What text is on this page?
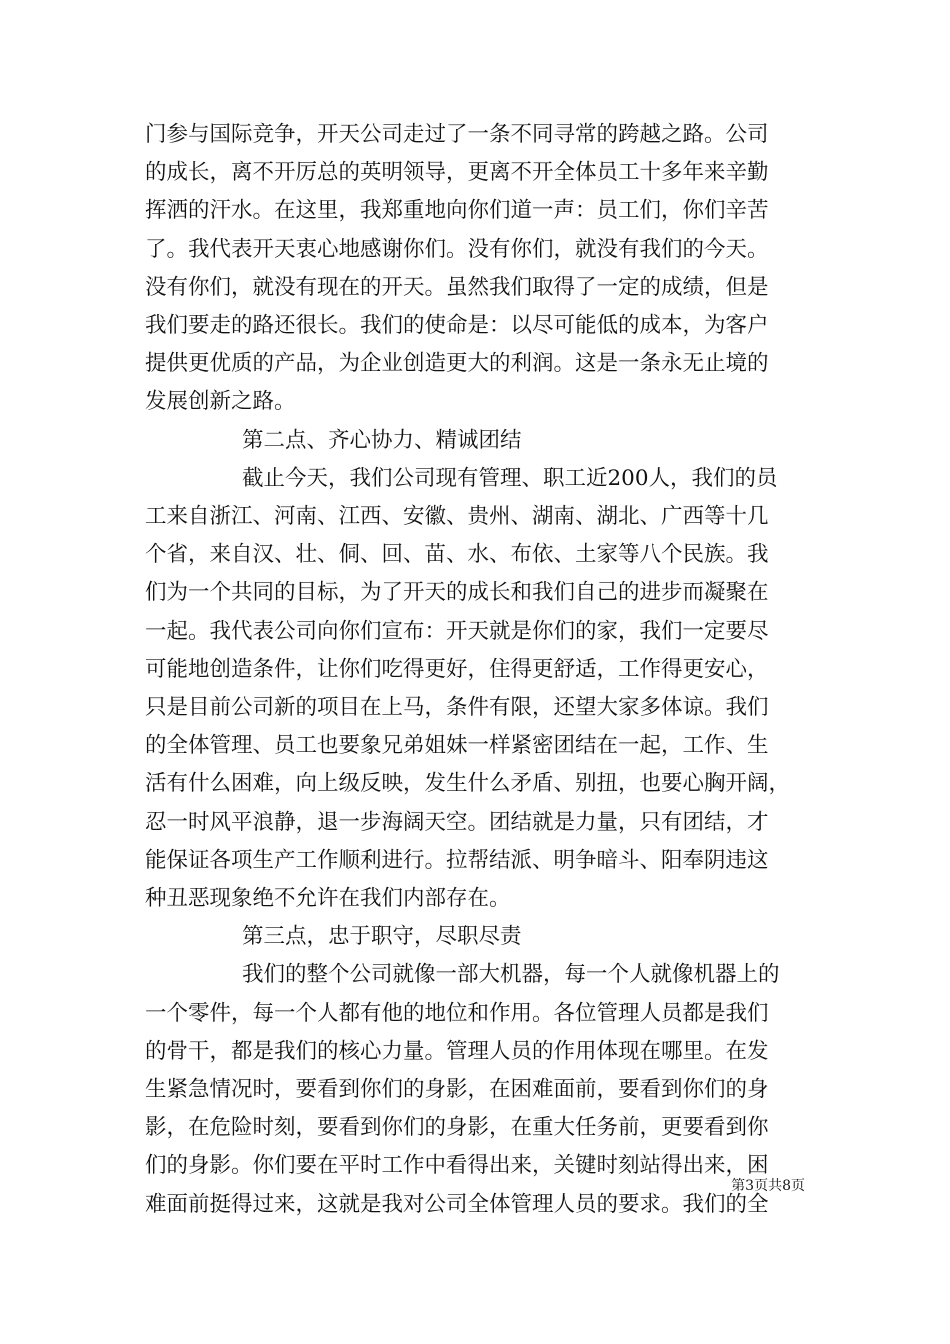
门参与国际竞争，开天公司走过了一条不同寻常的跨越之路。公司
的成长，离不开厉总的英明领导，更离不开全体员工十多年来辛勤
挥洒的汗水。在这里，我郑重地向你们道一声：员工们，你们辛苦
了。我代表开天衷心地感谢你们。没有你们，就没有我们的今天。
没有你们，就没有现在的开天。虽然我们取得了一定的成绩，但是
我们要走的路还很长。我们的使命是：以尽可能低的成本，为客户
提供更优质的产品，为企业创造更大的利润。这是一条永无止境的
发展创新之路。

第二点、齐心协力、精诚团结

截止今天，我们公司现有管理、职工近200人，我们的员
工来自浙江、河南、江西、安徽、贵州、湖南、湖北、广西等十几
个省，来自汉、壮、侗、回、苗、水、布依、土家等八个民族。我
们为一个共同的目标，为了开天的成长和我们自己的进步而凝聚在
一起。我代表公司向你们宣布：开天就是你们的家，我们一定要尽
可能地创造条件，让你们吃得更好，住得更舒适，工作得更安心，
只是目前公司新的项目在上马，条件有限，还望大家多体谅。我们
的全体管理、员工也要象兄弟姐妹一样紧密团结在一起，工作、生
活有什么困难，向上级反映，发生什么矛盾、别扭，也要心胸开阔，
忍一时风平浪静，退一步海阔天空。团结就是力量，只有团结，才
能保证各项生产工作顺利进行。拉帮结派、明争暗斗、阳奉阴违这
种丑恶现象绝不允许在我们内部存在。

第三点，忠于职守，尽职尽责

我们的整个公司就像一部大机器，每一个人就像机器上的
一个零件，每一个人都有他的地位和作用。各位管理人员都是我们
的骨干，都是我们的核心力量。管理人员的作用体现在哪里。在发
生紧急情况时，要看到你们的身影，在困难面前，要看到你们的身
影，在危险时刻，要看到你们的身影，在重大任务前，更要看到你
们的身影。你们要在平时工作中看得出来，关键时刻站得出来，困
难面前挺得过来，这就是我对公司全体管理人员的要求。我们的全

第3页共8页
